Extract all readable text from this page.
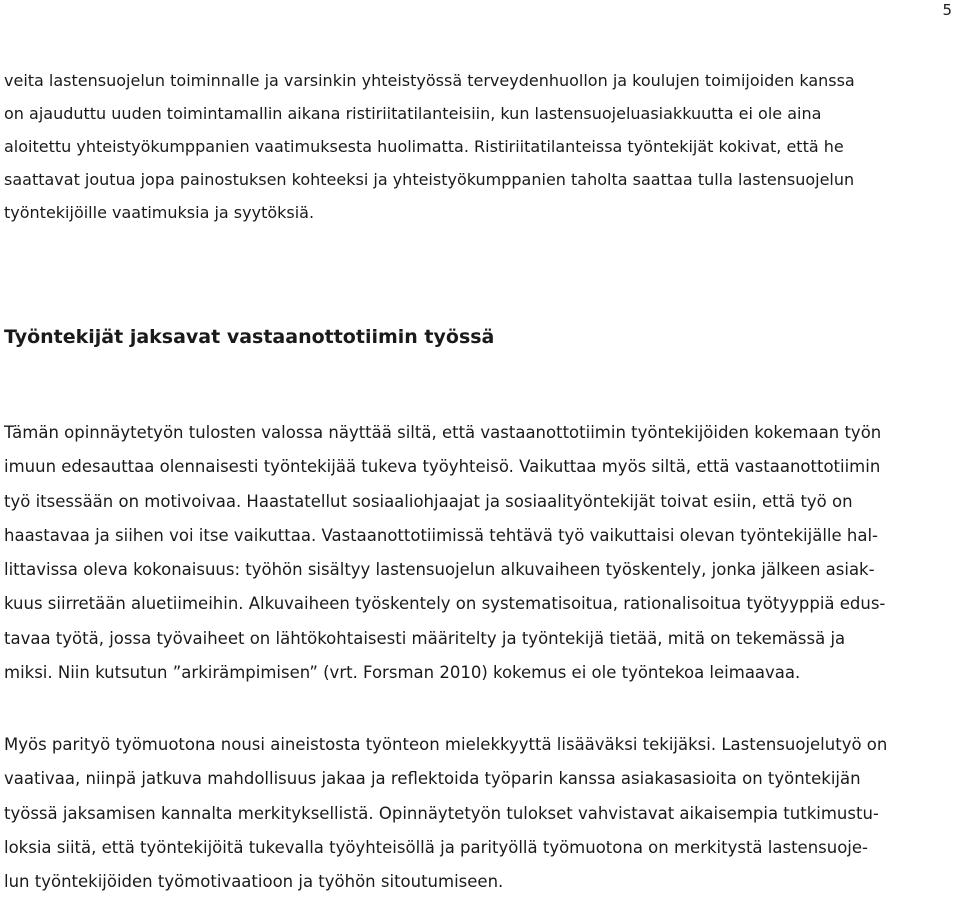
5

veita lastensuojelun toiminnalle ja varsinkin yhteistyössä terveydenhuollon ja koulujen toimijoiden kanssa
on ajauduttu uuden toimintamallin aikana ristiriitatilanteisiin, kun lastensuojeluasiakkuutta ei ole aina
aloitettu yhteistyökumppanien vaatimuksesta huolimatta. Ristiriitatilanteissa työntekijät kokivat, että he
saattavat joutua jopa painostuksen kohteeksi ja yhteistyökumppanien taholta saattaa tulla lastensuojelun
työntekijöille vaatimuksia ja syytöksiä.

Työntekijät jaksavat vastaanottotiimin työssä

Tämän opinnäytetyön tulosten valossa näyttää siltä, että vastaanottotiimin työntekijöiden kokemaan työn
imuun edesauttaa olennaisesti työntekijää tukeva työyhteisö. Vaikuttaa myös siltä, että vastaanottotiimin
työ itsessään on motivoivaa. Haastatellut sosiaaliohjaajat ja sosiaalityöntekijät toivat esiin, että työ on
haastavaa ja siihen voi itse vaikuttaa. Vastaanottotiimissä tehtävä työ vaikuttaisi olevan työntekijälle hal-
littavissa oleva kokonaisuus: työhön sisältyy lastensuojelun alkuvaiheen työskentely, jonka jälkeen asiak-
kuus siirretään aluetiimeihin. Alkuvaiheen työskentely on systematisoitua, rationalisoitua työtyyppiä edus-
tavaa työtä, jossa työvaiheet on lähtökohtaisesti määritelty ja työntekijä tietää, mitä on tekemässä ja
miksi. Niin kutsutun ”arkirämpimisen” (vrt. Forsman 2010) kokemus ei ole työntekoa leimaavaa.

Myös parityö työmuotona nousi aineistosta työnteon mielekkyyttä lisääväksi tekijäksi. Lastensuojelutyö on
vaativaa, niinpä jatkuva mahdollisuus jakaa ja reflektoida työparin kanssa asiakasasioita on työntekijän
työssä jaksamisen kannalta merkityksellistä. Opinnäytetyön tulokset vahvistavat aikaisempia tutkimustu-
loksia siitä, että työntekijöitä tukevalla työyhteisöllä ja parityöllä työmuotona on merkitystä lastensuoje-
lun työntekijöiden työmotivaatioon ja työhön sitoutumiseen.
